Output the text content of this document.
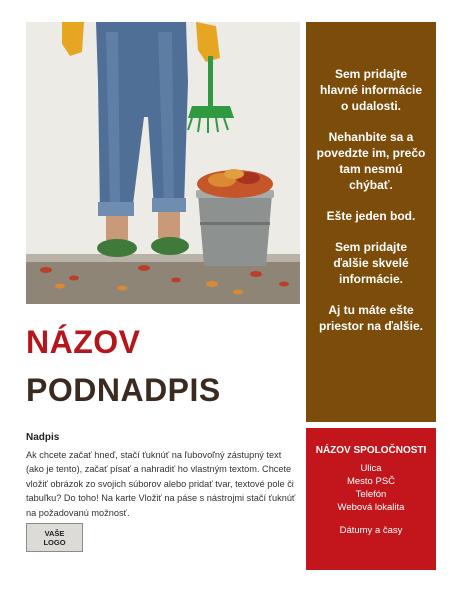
Sem pridajte hlavné informácie o udalosti.

Nehanbite sa a povedzte im, prečo tam nesmú chýbať.

Ešte jeden bod.

Sem pridajte ďalšie skvelé informácie.

Aj tu máte ešte priestor na ďalšie.

NÁZOV SPOLOČNOSTI
Ulica
Mesto PSČ
Telefón
Webová lokalita
Dátumy a časy
NÁZOV
PODNADPIS
Nadpis

Ak chcete začať hneď, stačí ťuknúť na ľubovoľný zástupný text (ako je tento), začať písať a nahradiť ho vlastným textom. Chcete vložiť obrázok zo svojich súborov alebo pridať tvar, textové pole či tabuľku? Do toho! Na karte Vložiť na páse s nástrojmi stačí ťuknúť na požadovanú možnosť.

VAŠE
LOGO
